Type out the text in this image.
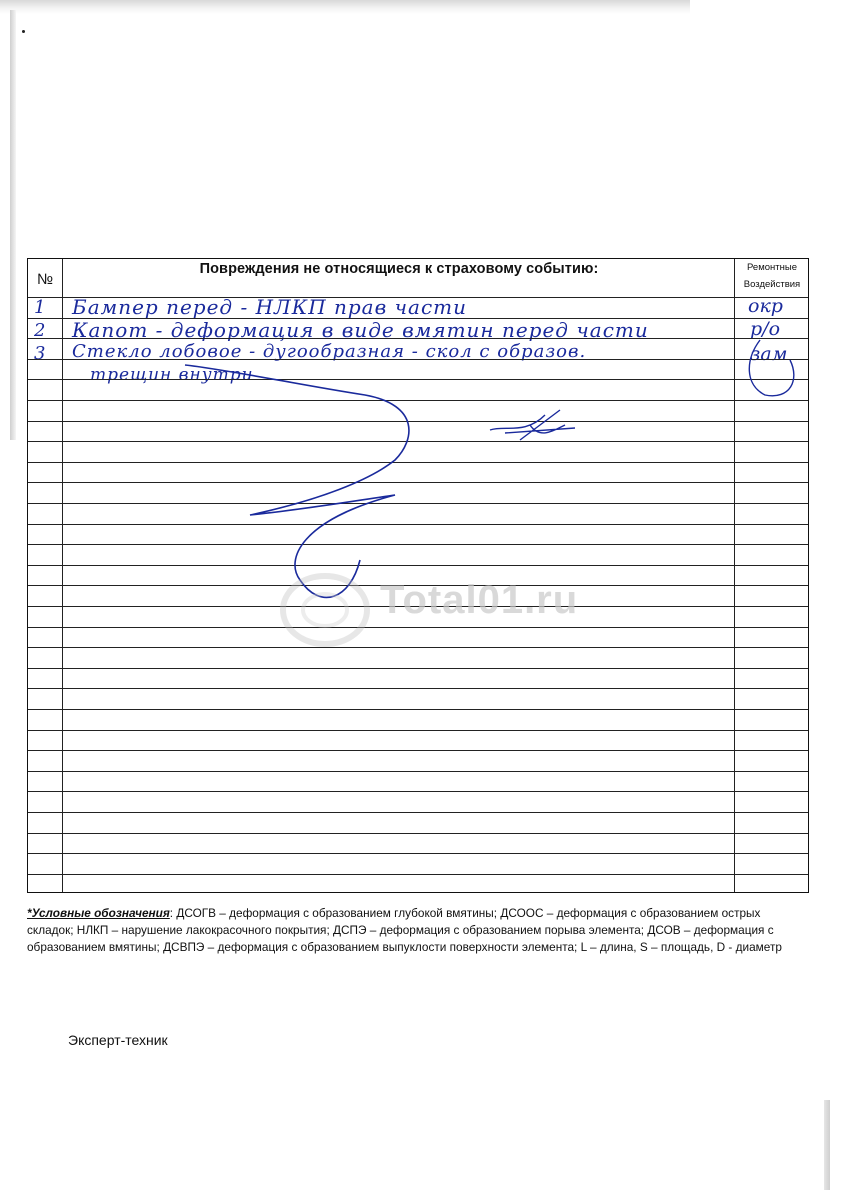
№
Повреждения не относящиеся к страховому событию:	Ремонтные
Воздействия
1 Бампер перед - НЛКП прав части	окр
2 Капот - деформация в виде вмятин перед части	р/о
3 Стекло лобовое - дугообразная - скол с образов.	зам
трещин внутри
Total01.ru
*Условные обозначения: ДСОГВ – деформация с образованием глубокой вмятины; ДСООС – деформация с образованием острых складок; НЛКП – нарушение лакокрасочного покрытия; ДСПЭ – деформация с образованием порыва элемента; ДСОВ – деформация с образованием вмятины; ДСВПЭ – деформация с образованием выпуклости поверхности элемента; L – длина, S – площадь, D - диаметр
Эксперт-техник
